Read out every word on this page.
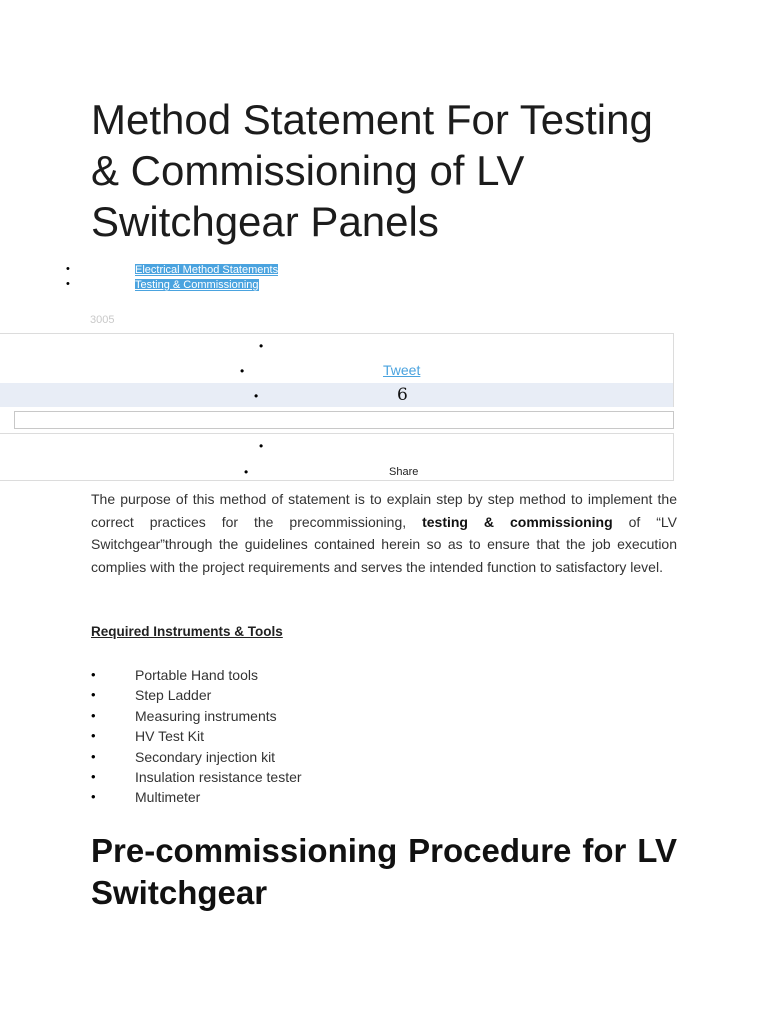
Method Statement For Testing & Commissioning of LV Switchgear Panels
• •	Electrical Method Statements
• •	Testing & Commissioning
3005
•
•	Tweet
•	6
•
•	Share

The purpose of this method of statement is to explain step by step method to implement the correct practices for the precommissioning, testing & commissioning of “LV Switchgear”through the guidelines contained herein so as to ensure that the job execution complies with the project requirements and serves the intended function to satisfactory level.

Required Instruments & Tools
•	Portable Hand tools
•	Step Ladder
•	Measuring instruments
•	HV Test Kit
•	Secondary injection kit
•	Insulation resistance tester
•	Multimeter
Pre-commissioning Procedure for LV Switchgear
